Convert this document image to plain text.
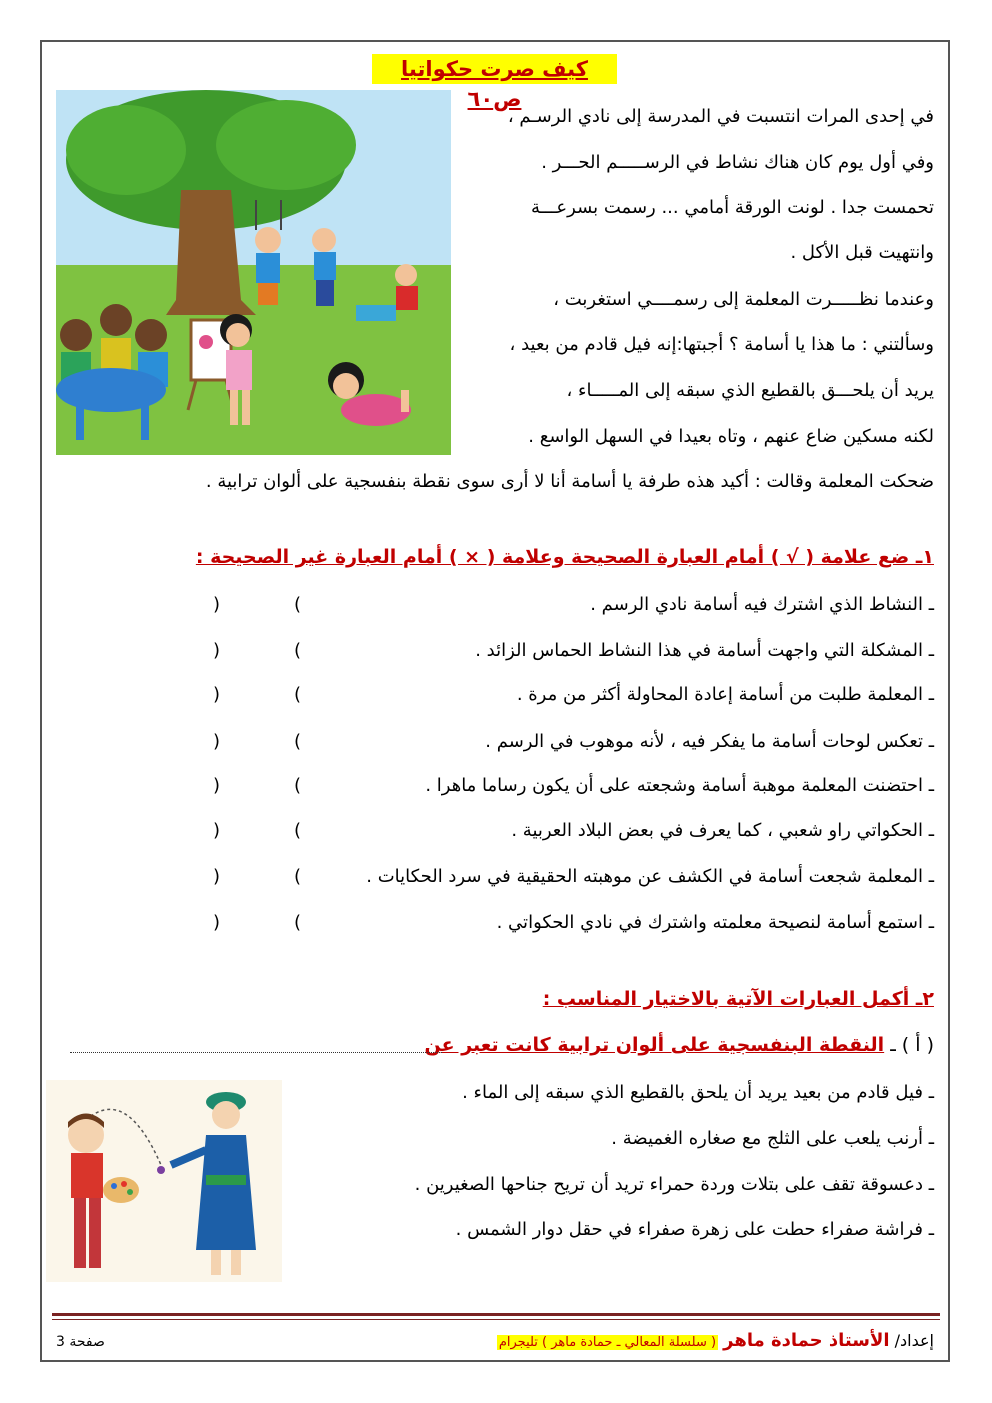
كيف صرت حكواتيا ص٦٠
في إحدى المرات انتسبت في المدرسة إلى نادي الرسـم ،
وفي أول يوم كان هناك نشاط في الرســـــم الحـــر .
تحمست جدا . لونت الورقة أمامي ... رسمت بسرعـــة
وانتهيت قبل الأكل .
وعندما نظـــــرت المعلمة إلى رسمــــي استغربت ،
وسألتني : ما هذا يا أسامة ؟ أجبتها:إنه فيل قادم من بعيد ،
يريد أن يلحـــق بالقطيع الذي سبقه إلى المـــــاء ،
لكنه مسكين ضاع عنهم ، وتاه بعيدا في السهل الواسع .
ضحكت المعلمة وقالت : أكيد هذه طرفة يا أسامة أنا لا أرى سوى نقطة بنفسجية على ألوان ترابية .
١ـ ضع علامة ( √ ) أمام العبارة الصحيحة وعلامة ( × ) أمام العبارة غير الصحيحة :
ـ النشاط الذي اشترك فيه أسامة نادي الرسم .
(
)
ـ المشكلة التي واجهت أسامة في هذا النشاط الحماس الزائد .
(
)
ـ المعلمة طلبت من أسامة إعادة المحاولة أكثر من مرة .
(
)
ـ تعكس لوحات أسامة ما يفكر فيه ، لأنه موهوب في الرسم .
(
)
ـ احتضنت المعلمة موهبة أسامة وشجعته على أن يكون رساما ماهرا .
(
)
ـ الحكواتي راو شعبي ، كما يعرف في بعض البلاد العربية .
(
)
ـ المعلمة شجعت أسامة في الكشف عن موهبته الحقيقية في سرد الحكايات .
(
)
ـ استمع أسامة لنصيحة معلمته واشترك في نادي الحكواتي .
(
)
٢ـ أكمل العبارات الآتية بالاختيار المناسب :
( أ ) ـ النقطة البنفسجية على ألوان ترابية كانت تعبر عن
ـ فيل قادم من بعيد يريد أن يلحق بالقطيع الذي سبقه إلى الماء .
ـ أرنب يلعب على الثلج مع صغاره الغميضة .
ـ دعسوقة تقف على بتلات وردة حمراء تريد أن تريح جناحها الصغيرين .
ـ فراشة صفراء حطت على زهرة صفراء في حقل دوار الشمس .
إعداد/ الأستاذ حمادة ماهر ( سلسلة المعالي ـ حمادة ماهر ) تليجرام
صفحة 3
